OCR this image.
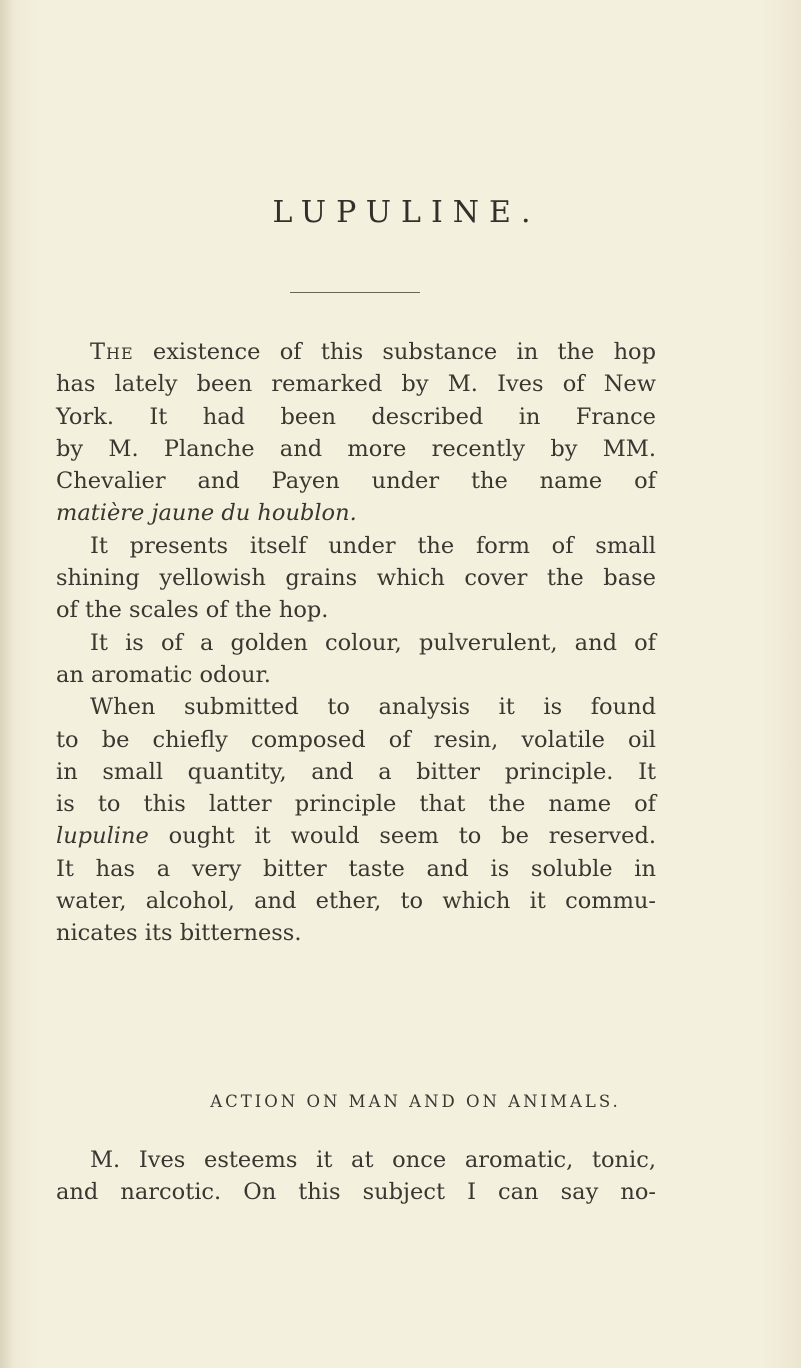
LUPULINE.
The existence of this substance in the hop
has lately been remarked by M. Ives of New
York. It had been described in France
by M. Planche and more recently by MM.
Chevalier and Payen under the name of
matière jaune du houblon.
It presents itself under the form of small
shining yellowish grains which cover the base
of the scales of the hop.
It is of a golden colour, pulverulent, and of
an aromatic odour.
When submitted to analysis it is found
to be chiefly composed of resin, volatile oil
in small quantity, and a bitter principle. It
is to this latter principle that the name of
lupuline ought it would seem to be reserved.
It has a very bitter taste and is soluble in
water, alcohol, and ether, to which it commu-
nicates its bitterness.
ACTION ON MAN AND ON ANIMALS.
M. Ives esteems it at once aromatic, tonic,
and narcotic. On this subject I can say no-
